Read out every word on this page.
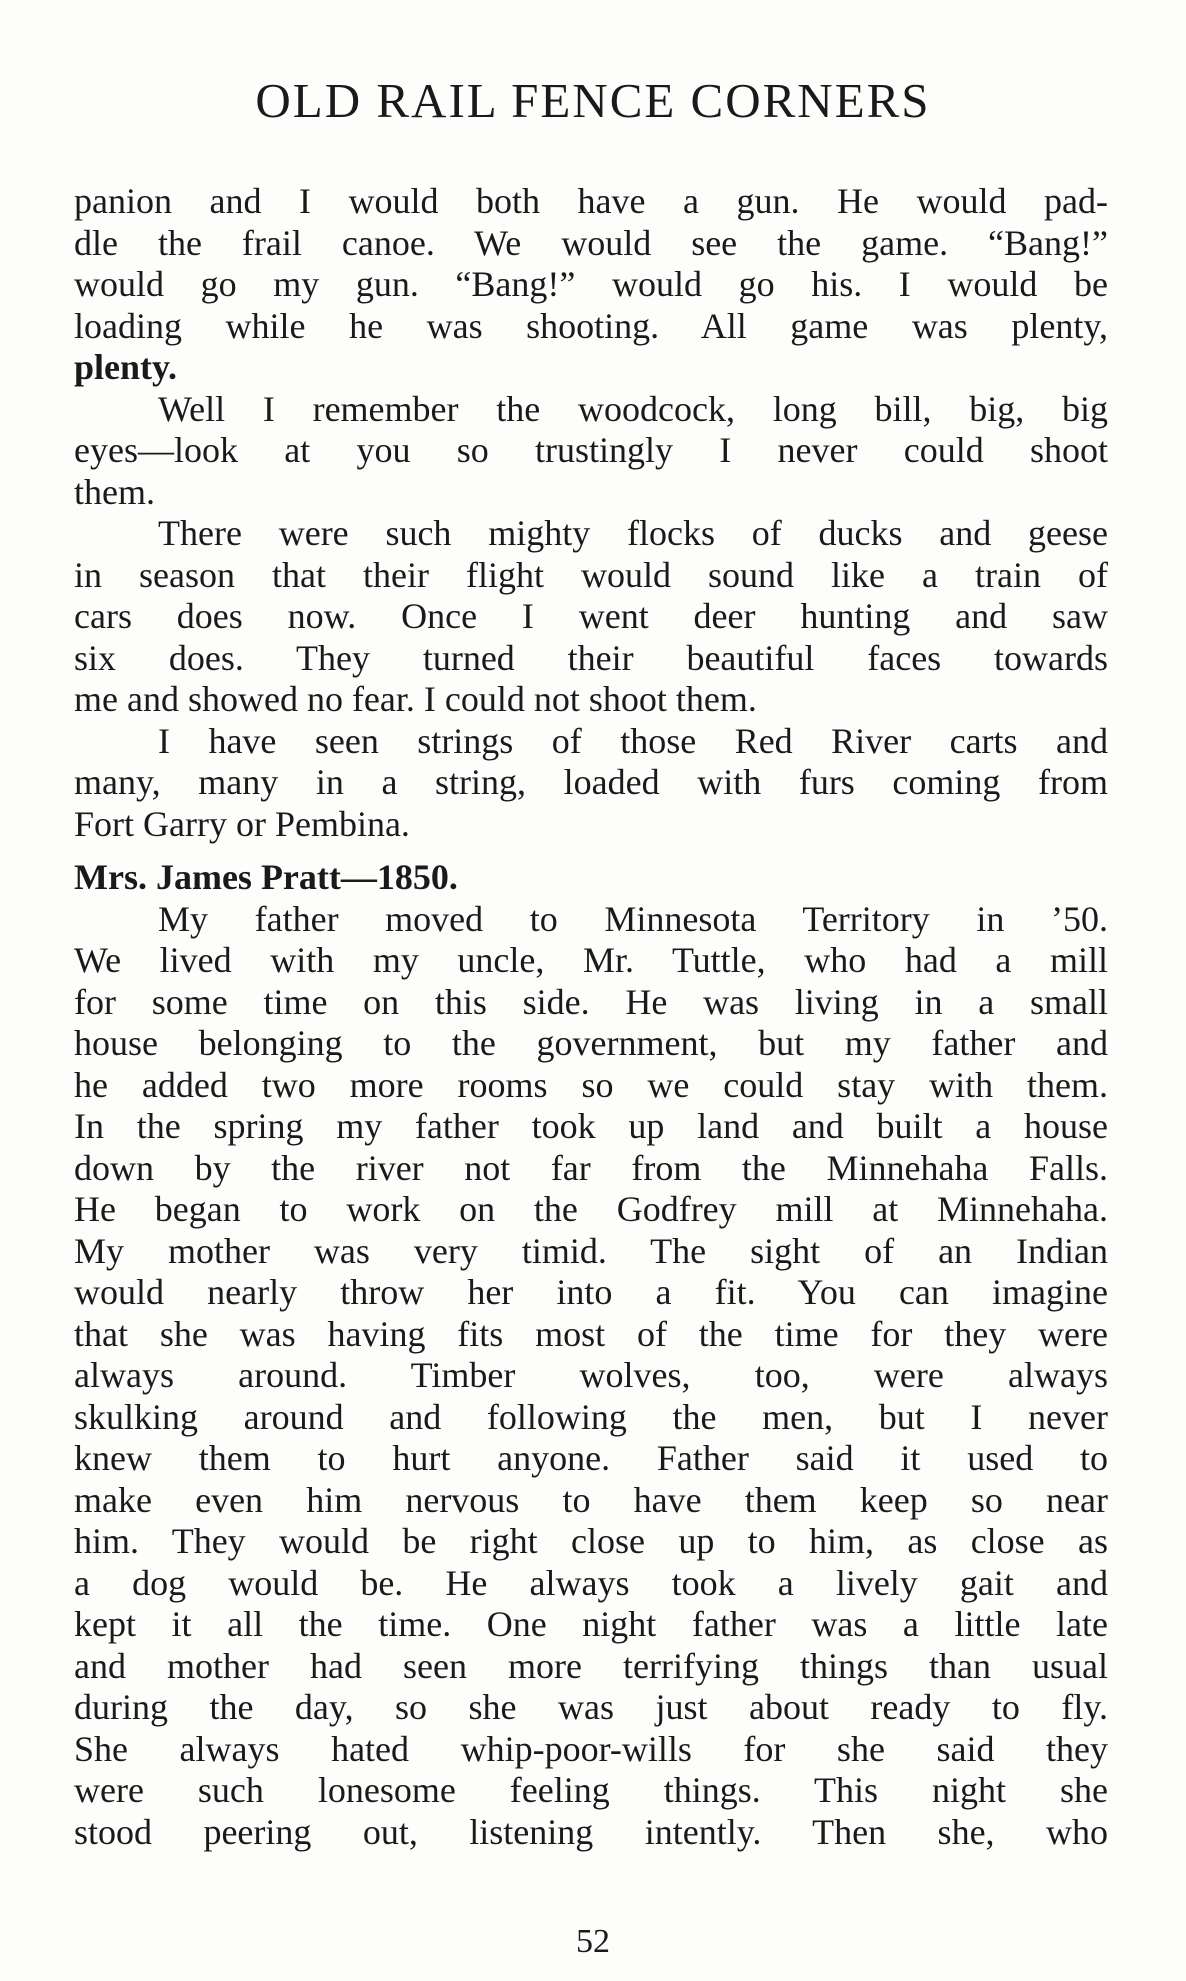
OLD RAIL FENCE CORNERS
panion and I would both have a gun. He would pad-
dle the frail canoe. We would see the game. “Bang!”
would go my gun. “Bang!” would go his. I would be
loading while he was shooting. All game was plenty,
plenty.
Well I remember the woodcock, long bill, big, big
eyes—look at you so trustingly I never could shoot
them.
There were such mighty flocks of ducks and geese
in season that their flight would sound like a train of
cars does now. Once I went deer hunting and saw
six does. They turned their beautiful faces towards
me and showed no fear. I could not shoot them.
I have seen strings of those Red River carts and
many, many in a string, loaded with furs coming from
Fort Garry or Pembina.
Mrs. James Pratt—1850.
My father moved to Minnesota Territory in ’50.
We lived with my uncle, Mr. Tuttle, who had a mill
for some time on this side. He was living in a small
house belonging to the government, but my father and
he added two more rooms so we could stay with them.
In the spring my father took up land and built a house
down by the river not far from the Minnehaha Falls.
He began to work on the Godfrey mill at Minnehaha.
My mother was very timid. The sight of an Indian
would nearly throw her into a fit. You can imagine
that she was having fits most of the time for they were
always around. Timber wolves, too, were always
skulking around and following the men, but I never
knew them to hurt anyone. Father said it used to
make even him nervous to have them keep so near
him. They would be right close up to him, as close as
a dog would be. He always took a lively gait and
kept it all the time. One night father was a little late
and mother had seen more terrifying things than usual
during the day, so she was just about ready to fly.
She always hated whip-poor-wills for she said they
were such lonesome feeling things. This night she
stood peering out, listening intently. Then she, who
52
